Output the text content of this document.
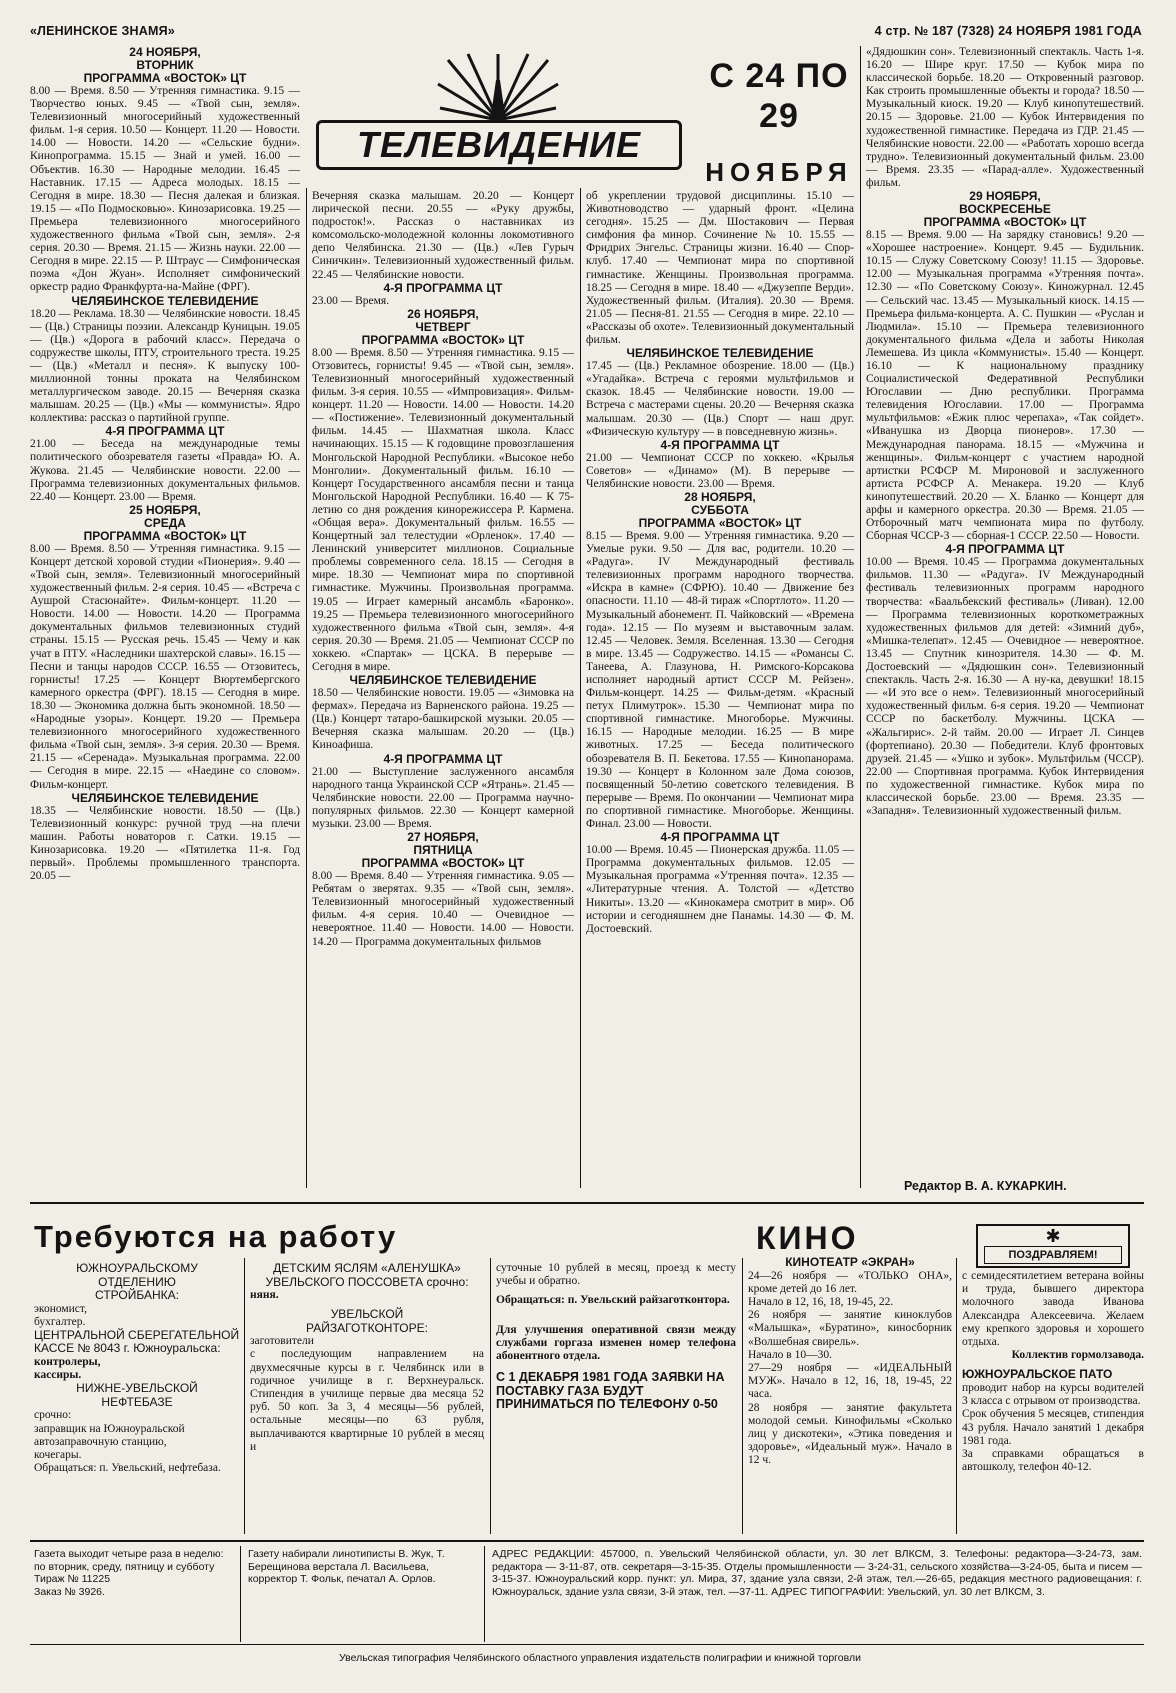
«ЛЕНИНСКОЕ ЗНАМЯ»	4 стр. № 187 (7328) 24 НОЯБРЯ 1981 ГОДА
ТЕЛЕВИДЕНИЕ
С 24 ПО 29
НОЯБРЯ

24 НОЯБРЯ,
ВТОРНИК

ПРОГРАММА «ВОСТОК» ЦТ

8.00 — Время. 8.50 — Утренняя гимнастика. 9.15 —Творчество юных. 9.45 — «Твой сын, земля». Телевизионный многосерийный художественный фильм. 1-я серия. 10.50 — Концерт. 11.20 — Новости. 14.00 — Новости. 14.20 — «Сельские будни». Кинопрограмма. 15.15 — Знай и умей. 16.00 — Объектив. 16.30 — Народные мелодии. 16.45 — Наставник. 17.15 — Адреса молодых. 18.15 — Сегодня в мире. 18.30 — Песня далекая и близкая. 19.15 — «По Подмосковью». Кинозарисовка. 19.25 — Премьера телевизионного многосерийного художественного фильма «Твой сын, земля». 2-я серия. 20.30 — Время. 21.15 — Жизнь науки. 22.00 — Сегодня в мире. 22.15 — Р. Штраус — Симфоническая поэма «Дон Жуан». Исполняет симфонический оркестр радио Франкфурта-на-Майне (ФРГ).

ЧЕЛЯБИНСКОЕ ТЕЛЕВИДЕНИЕ

18.20 — Реклама. 18.30 — Челябинские новости. 18.45 — (Цв.) Страницы поэзии. Александр Куницын. 19.05 — (Цв.) «Дорога в рабочий класс». Передача о содружестве школы, ПТУ, строительного треста. 19.25 — (Цв.) «Металл и песня». К выпуску 100-миллионной тонны проката на Челябинском металлургическом заводе. 20.15 — Вечерняя сказка малышам. 20.25 — (Цв.) «Мы — коммунисты». Ядро коллектива: рассказ о партийной группе.

4-Я ПРОГРАММА ЦТ

21.00 — Беседа на международные темы политического обозревателя газеты «Правда» Ю. А. Жукова. 21.45 — Челябинские новости. 22.00 — Программа телевизионных документальных фильмов. 22.40 — Концерт. 23.00 — Время.

25 НОЯБРЯ,
СРЕДА

ПРОГРАММА «ВОСТОК» ЦТ

8.00 — Время. 8.50 — Утренняя гимнастика. 9.15 — Концерт детской хоровой студии «Пионерия». 9.40 — «Твой сын, земля». Телевизионный многосерийный художественный фильм. 2-я серия. 10.45 — «Встреча с Аушрой Стасюнайте». Фильм-концерт. 11.20 — Новости. 14.00 — Новости. 14.20 — Программа документальных фильмов телевизионных студий страны. 15.15 — Русская речь. 15.45 — Чему и как учат в ПТУ. «Наследники шахтерской славы». 16.15 — Песни и танцы народов СССР. 16.55 — Отзовитесь, горнисты! 17.25 — Концерт Вюртембергского камерного оркестра (ФРГ). 18.15 — Сегодня в мире. 18.30 — Экономика должна быть экономной. 18.50 — «Народные узоры». Концерт. 19.20 — Премьера телевизионного многосерийного художественного фильма «Твой сын, земля». 3-я серия. 20.30 — Время. 21.15 — «Серенада». Музыкальная программа. 22.00 — Сегодня в мире. 22.15 — «Наедине со словом». Фильм-концерт.

ЧЕЛЯБИНСКОЕ ТЕЛЕВИДЕНИЕ

18.35 — Челябинские новости. 18.50 — (Цв.) Телевизионный конкурс: ручной труд —на плечи машин. Работы новаторов г. Сатки. 19.15 — Кинозарисовка. 19.20 — «Пятилетка 11-я. Год первый». Проблемы промышленного транспорта. 20.05 —

Вечерняя сказка малышам. 20.20 — Концерт лирической песни. 20.55 — «Руку дружбы, подросток!». Рассказ о наставниках из комсомольско-молодежной колонны локомотивного депо Челябинска. 21.30 — (Цв.) «Лев Гурыч Синичкин». Телевизионный художественный фильм. 22.45 — Челябинские новости.

4-Я ПРОГРАММА ЦТ

23.00 — Время.

26 НОЯБРЯ,
ЧЕТВЕРГ

ПРОГРАММА «ВОСТОК» ЦТ

8.00 — Время. 8.50 — Утренняя гимнастика. 9.15 — Отзовитесь, горнисты! 9.45 — «Твой сын, земля». Телевизионный многосерийный художественный фильм. 3-я серия. 10.55 — «Импровизация». Фильм-концерт. 11.20 — Новости. 14.00 — Новости. 14.20 — «Постижение». Телевизионный документальный фильм. 14.45 — Шахматная школа. Класс начинающих. 15.15 — К годовщине провозглашения Монгольской Народной Республики. «Высокое небо Монголии». Документальный фильм. 16.10 — Концерт Государственного ансамбля песни и танца Монгольской Народной Республики. 16.40 — К 75-летию со дня рождения кинорежиссера Р. Кармена. «Общая вера». Документальный фильм. 16.55 — Концертный зал телестудии «Орленок». 17.40 — Ленинский университет миллионов. Социальные проблемы современного села. 18.15 — Сегодня в мире. 18.30 — Чемпионат мира по спортивной гимнастике. Мужчины. Произвольная программа. 19.05 — Играет камерный ансамбль «Баронко». 19.25 — Премьера телевизионного многосерийного художественного фильма «Твой сын, земля». 4-я серия. 20.30 — Время. 21.05 — Чемпионат СССР по хоккею. «Спартак» — ЦСКА. В перерыве — Сегодня в мире.

ЧЕЛЯБИНСКОЕ ТЕЛЕВИДЕНИЕ

18.50 — Челябинские новости. 19.05 — «Зимовка на фермах». Передача из Варненского района. 19.25 — (Цв.) Концерт татаро-башкирской музыки. 20.05 — Вечерняя сказка малышам. 20.20 — (Цв.) Киноафиша.

4-Я ПРОГРАММА ЦТ

21.00 — Выступление заслуженного ансамбля народного танца Украинской ССР «Ятрань». 21.45 — Челябинские новости. 22.00 — Программа научно-популярных фильмов. 22.30 — Концерт камерной музыки. 23.00 — Время.

27 НОЯБРЯ,
ПЯТНИЦА

ПРОГРАММА «ВОСТОК» ЦТ

8.00 — Время. 8.40 — Утренняя гимнастика. 9.05 — Ребятам о зверятах. 9.35 — «Твой сын, земля». Телевизионный многосерийный художественный фильм. 4-я серия. 10.40 — Очевидное — невероятное. 11.40 — Новости. 14.00 — Новости. 14.20 — Программа документальных фильмов

об укреплении трудовой дисциплины. 15.10 — Животноводство — ударный фронт. «Целина сегодня». 15.25 — Дм. Шостакович — Первая симфония фа минор. Сочинение № 10. 15.55 — Фридрих Энгельс. Страницы жизни. 16.40 — Спор-клуб. 17.40 — Чемпионат мира по спортивной гимнастике. Женщины. Произвольная программа. 18.25 — Сегодня в мире. 18.40 — «Джузеппе Верди». Художественный фильм. (Италия). 20.30 — Время. 21.05 — Песня-81. 21.55 — Сегодня в мире. 22.10 — «Рассказы об охоте». Телевизионный документальный фильм.

ЧЕЛЯБИНСКОЕ ТЕЛЕВИДЕНИЕ

17.45 — (Цв.) Рекламное обозрение. 18.00 — (Цв.) «Угадайка». Встреча с героями мультфильмов и сказок. 18.45 — Челябинские новости. 19.00 — Встреча с мастерами сцены. 20.20 — Вечерняя сказка малышам. 20.30 — (Цв.) Спорт — наш друг. «Физическую культуру — в повседневную жизнь».

4-Я ПРОГРАММА ЦТ

21.00 — Чемпионат СССР по хоккею. «Крылья Советов» — «Динамо» (М). В перерыве — Челябинские новости. 23.00 — Время.

28 НОЯБРЯ,
СУББОТА

ПРОГРАММА «ВОСТОК» ЦТ

8.15 — Время. 9.00 — Утренняя гимнастика. 9.20 — Умелые руки. 9.50 — Для вас, родители. 10.20 — «Радуга». IV Международный фестиваль телевизионных программ народного творчества. «Искра в камне» (СФРЮ). 10.40 — Движение без опасности. 11.10 — 48-й тираж «Спортлото». 11.20 — Музыкальный абонемент. П. Чайковский — «Времена года». 12.15 — По музеям и выставочным залам. 12.45 — Человек. Земля. Вселенная. 13.30 — Сегодня в мире. 13.45 — Содружество. 14.15 — «Романсы С. Танеева, А. Глазунова, Н. Римского-Корсакова исполняет народный артист СССР М. Рейзен». Фильм-концерт. 14.25 — Фильм-детям. «Красный петух Плимутрок». 15.30 — Чемпионат мира по спортивной гимнастике. Многоборье. Мужчины. 16.15 — Народные мелодии. 16.25 — В мире животных. 17.25 — Беседа политического обозревателя В. П. Бекетова. 17.55 — Кинопанорама. 19.30 — Концерт в Колонном зале Дома союзов, посвященный 50-летию советского телевидения. В перерыве — Время. По окончании — Чемпионат мира по спортивной гимнастике. Многоборье. Женщины. Финал. 23.00 — Новости.

4-Я ПРОГРАММА ЦТ

10.00 — Время. 10.45 — Пионерская дружба. 11.05 — Программа документальных фильмов. 12.05 — Музыкальная программа «Утренняя почта». 12.35 — «Литературные чтения. А. Толстой — «Детство Никиты». 13.20 — «Кинокамера смотрит в мир». Об истории и сегодняшнем дне Панамы. 14.30 — Ф. М. Достоевский.

«Дядюшкин сон». Телевизионный спектакль. Часть 1-я. 16.20 — Шире круг. 17.50 — Кубок мира по классической борьбе. 18.20 — Откровенный разговор. Как строить промышленные объекты и города? 18.50 — Музыкальный киоск. 19.20 — Клуб кинопутешествий. 20.15 — Здоровье. 21.00 — Кубок Интервидения по художественной гимнастике. Передача из ГДР. 21.45 — Челябинские новости. 22.00 — «Работать хорошо всегда трудно». Телевизионный документальный фильм. 23.00 — Время. 23.35 — «Парад-алле». Художественный фильм.

29 НОЯБРЯ,
ВОСКРЕСЕНЬЕ

ПРОГРАММА «ВОСТОК» ЦТ

8.15 — Время. 9.00 — На зарядку становись! 9.20 — «Хорошее настроение». Концерт. 9.45 — Будильник. 10.15 — Служу Советскому Союзу! 11.15 — Здоровье. 12.00 — Музыкальная программа «Утренняя почта». 12.30 — «По Советскому Союзу». Киножурнал. 12.45 — Сельский час. 13.45 — Музыкальный киоск. 14.15 — Премьера фильма-концерта. А. С. Пушкин — «Руслан и Людмила». 15.10 — Премьера телевизионного документального фильма «Дела и заботы Николая Лемешева. Из цикла «Коммунисты». 15.40 — Концерт. 16.10 — К национальному празднику Социалистической Федеративной Республики Югославии — Дню республики. Программа телевидения Югославии. 17.00 — Программа мультфильмов: «Ежик плюс черепаха», «Так сойдет». «Иванушка из Дворца пионеров». 17.30 — Международная панорама. 18.15 — «Мужчина и женщины». Фильм-концерт с участием народной артистки РСФСР М. Мироновой и заслуженного артиста РСФСР А. Менакера. 19.20 — Клуб кинопутешествий. 20.20 — Х. Бланко — Концерт для арфы и камерного оркестра. 20.30 — Время. 21.05 — Отборочный матч чемпионата мира по футболу. Сборная ЧССР-3 — сборная-1 СССР. 22.50 — Новости.

4-Я ПРОГРАММА ЦТ

10.00 — Время. 10.45 — Программа документальных фильмов. 11.30 — «Радуга». IV Международный фестиваль телевизионных программ народного творчества: «Баальбекский фестиваль» (Ливан). 12.00 — Программа телевизионных короткометражных художественных фильмов для детей: «Зимний дуб», «Мишка-телепат». 12.45 — Очевидное — невероятное. 13.45 — Спутник кинозрителя. 14.30 — Ф. М. Достоевский — «Дядюшкин сон». Телевизионный спектакль. Часть 2-я. 16.30 — А ну-ка, девушки! 18.15 — «И это все о нем». Телевизионный многосерийный художественный фильм. 6-я серия. 19.20 — Чемпионат СССР по баскетболу. Мужчины. ЦСКА — «Жальгирис». 2-й тайм. 20.00 — Играет Л. Синцев (фортепиано). 20.30 — Победители. Клуб фронтовых друзей. 21.45 — «Ушко и зубок». Мультфильм (ЧССР). 22.00 — Спортивная программа. Кубок Интервидения по художественной гимнастике. Кубок мира по классической борьбе. 23.00 — Время. 23.35 — «Западня». Телевизионный художественный фильм.

Редактор В. А. КУКАРКИН.
Требуются на работу	КИНО	✱
ПОЗДРАВЛЯЕМ!

ЮЖНОУРАЛЬСКОМУ
ОТДЕЛЕНИЮ
СТРОЙБАНКА:

экономист,
бухгалтер.

ЦЕНТРАЛЬНОЙ СБЕРЕГАТЕЛЬНОЙ КАССЕ № 8043 г. Южноуральска:

контролеры,
кассиры.

НИЖНЕ-УВЕЛЬСКОЙ
НЕФТЕБАЗЕ

срочно:
заправщик на Южноуральской автозаправочную станцию,
кочегары.

Обращаться: п. Увельский, нефтебаза.

ДЕТСКИМ ЯСЛЯМ «АЛЕНУШКА» УВЕЛЬСКОГО ПОССОВЕТА срочно:

няня.

УВЕЛЬСКОЙ
РАЙЗАГОТКОНТОРЕ:

заготовители
с последующим направлением на двухмесячные курсы в г. Челябинск или в годичное училище в г. Верхнеуральск. Стипендия в училище первые два месяца 52 руб. 50 коп. За 3, 4 месяцы—56 рублей, остальные месяцы—по 63 рубля, выплачиваются квартирные 10 рублей в месяц и

суточные 10 рублей в месяц, проезд к месту учебы и обратно.

Обращаться: п. Увельский райзаготконтора.

Для улучшения оперативной связи между службами горгаза изменен номер телефона абонентного отдела.

С 1 ДЕКАБРЯ 1981 ГОДА ЗАЯВКИ НА ПОСТАВКУ ГАЗА БУДУТ ПРИНИМАТЬСЯ ПО ТЕЛЕФОНУ 0-50

КИНОТЕАТР «ЭКРАН»

24—26 ноября — «ТОЛЬКО ОНА», кроме детей до 16 лет.
Начало в 12, 16, 18, 19-45, 22.
26 ноября — занятие киноклубов «Малышка», «Буратино», киносборник «Волшебная свирель».
Начало в 10—30.
27—29 ноября — «ИДЕАЛЬНЫЙ МУЖ». Начало в 12, 16, 18, 19-45, 22 часа.
28 ноября — занятие факультета молодой семьи. Кинофильмы «Сколько лиц у дискотеки», «Этика поведения и здоровье», «Идеальный муж». Начало в 12 ч.

с семидесятилетием ветерана войны и труда, бывшего директора молочного завода Иванова Александра Алексеевича. Желаем ему крепкого здоровья и хорошего отдыха.

Коллектив гормолзавода.

ЮЖНОУРАЛЬСКОЕ ПАТО

проводит набор на курсы водителей 3 класса с отрывом от производства.
Срок обучения 5 месяцев, стипендия 43 рубля. Начало занятий 1 декабря 1981 года.
За справками обращаться в автошколу, телефон 40-12.

Газета выходит четыре раза в неделю: по вторник, среду, пятницу и субботу
Тираж № 11225
Заказ № 3926.

Газету набирали линотиписты В. Жук, Т. Берещинова верстала Л. Васильева, корректор Т. Фольк, печатал А. Орлов.

АДРЕС РЕДАКЦИИ: 457000, п. Увельский Челябинской области, ул. 30 лет ВЛКСМ, 3. Телефоны: редактора—3-24-73, зам. редактора — 3-11-87, отв. секретаря—3-15-35. Отделы промышленности — 3-24-31, сельского хозяйства—3-24-05, быта и писем — 3-15-37. Южноуральский корр. пункт: ул. Мира, 37, здание узла связи, 2-й этаж, тел.—26-65, редакция местного радиовещания: г. Южноуральск, здание узла связи, 3-й этаж, тел. —37-11. АДРЕС ТИПОГРАФИИ: Увельский, ул. 30 лет ВЛКСМ, 3.

Увельская типография Челябинского областного управления издательств полиграфии и книжной торговли
